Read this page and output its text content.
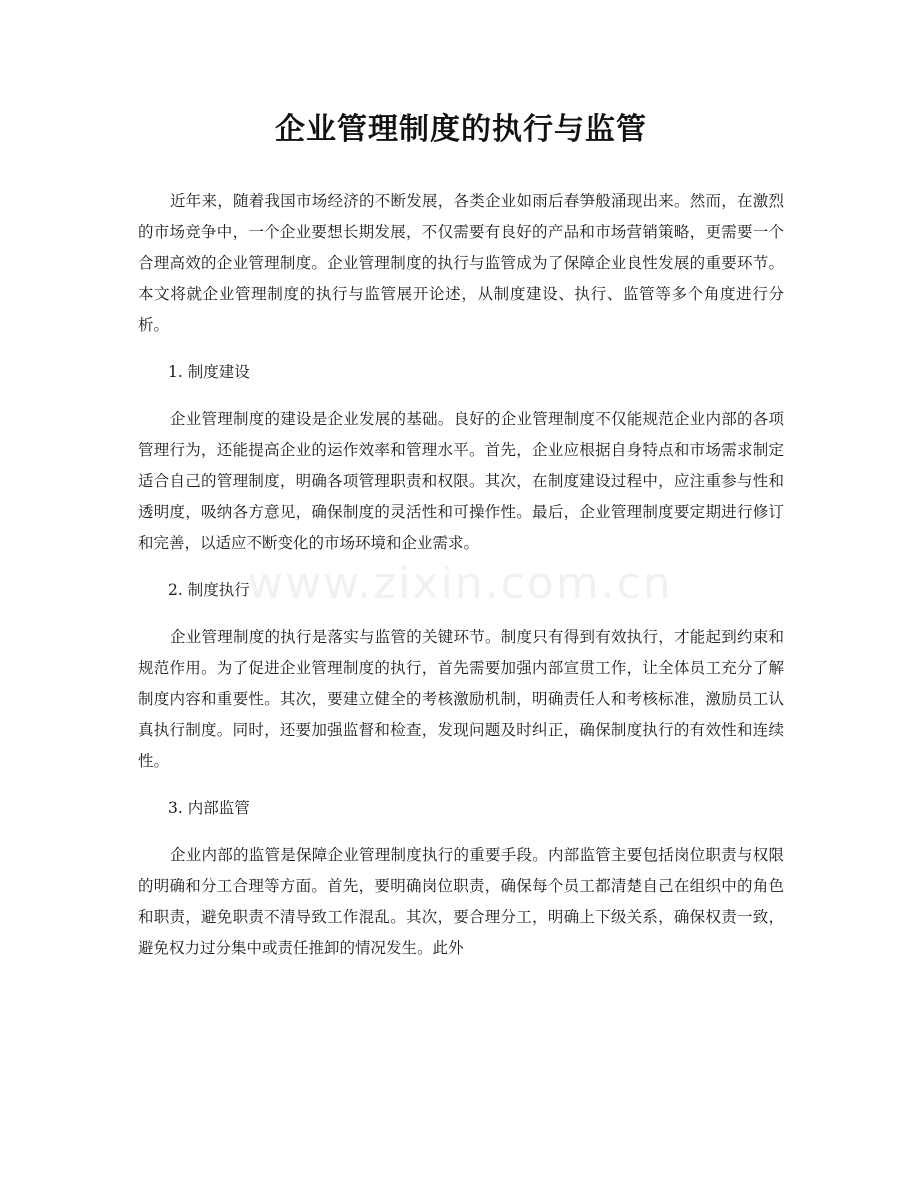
企业管理制度的执行与监管

近年来，随着我国市场经济的不断发展，各类企业如雨后春笋般涌现出来。然而，在激烈的市场竞争中，一个企业要想长期发展，不仅需要有良好的产品和市场营销策略，更需要一个合理高效的企业管理制度。企业管理制度的执行与监管成为了保障企业良性发展的重要环节。本文将就企业管理制度的执行与监管展开论述，从制度建设、执行、监管等多个角度进行分析。

1. 制度建设

企业管理制度的建设是企业发展的基础。良好的企业管理制度不仅能规范企业内部的各项管理行为，还能提高企业的运作效率和管理水平。首先，企业应根据自身特点和市场需求制定适合自己的管理制度，明确各项管理职责和权限。其次，在制度建设过程中，应注重参与性和透明度，吸纳各方意见，确保制度的灵活性和可操作性。最后，企业管理制度要定期进行修订和完善，以适应不断变化的市场环境和企业需求。

2. 制度执行

企业管理制度的执行是落实与监管的关键环节。制度只有得到有效执行，才能起到约束和规范作用。为了促进企业管理制度的执行，首先需要加强内部宣贯工作，让全体员工充分了解制度内容和重要性。其次，要建立健全的考核激励机制，明确责任人和考核标准，激励员工认真执行制度。同时，还要加强监督和检查，发现问题及时纠正，确保制度执行的有效性和连续性。

3. 内部监管

企业内部的监管是保障企业管理制度执行的重要手段。内部监管主要包括岗位职责与权限的明确和分工合理等方面。首先，要明确岗位职责，确保每个员工都清楚自己在组织中的角色和职责，避免职责不清导致工作混乱。其次，要合理分工，明确上下级关系，确保权责一致，避免权力过分集中或责任推卸的情况发生。此外

www.zixin.com.cn
